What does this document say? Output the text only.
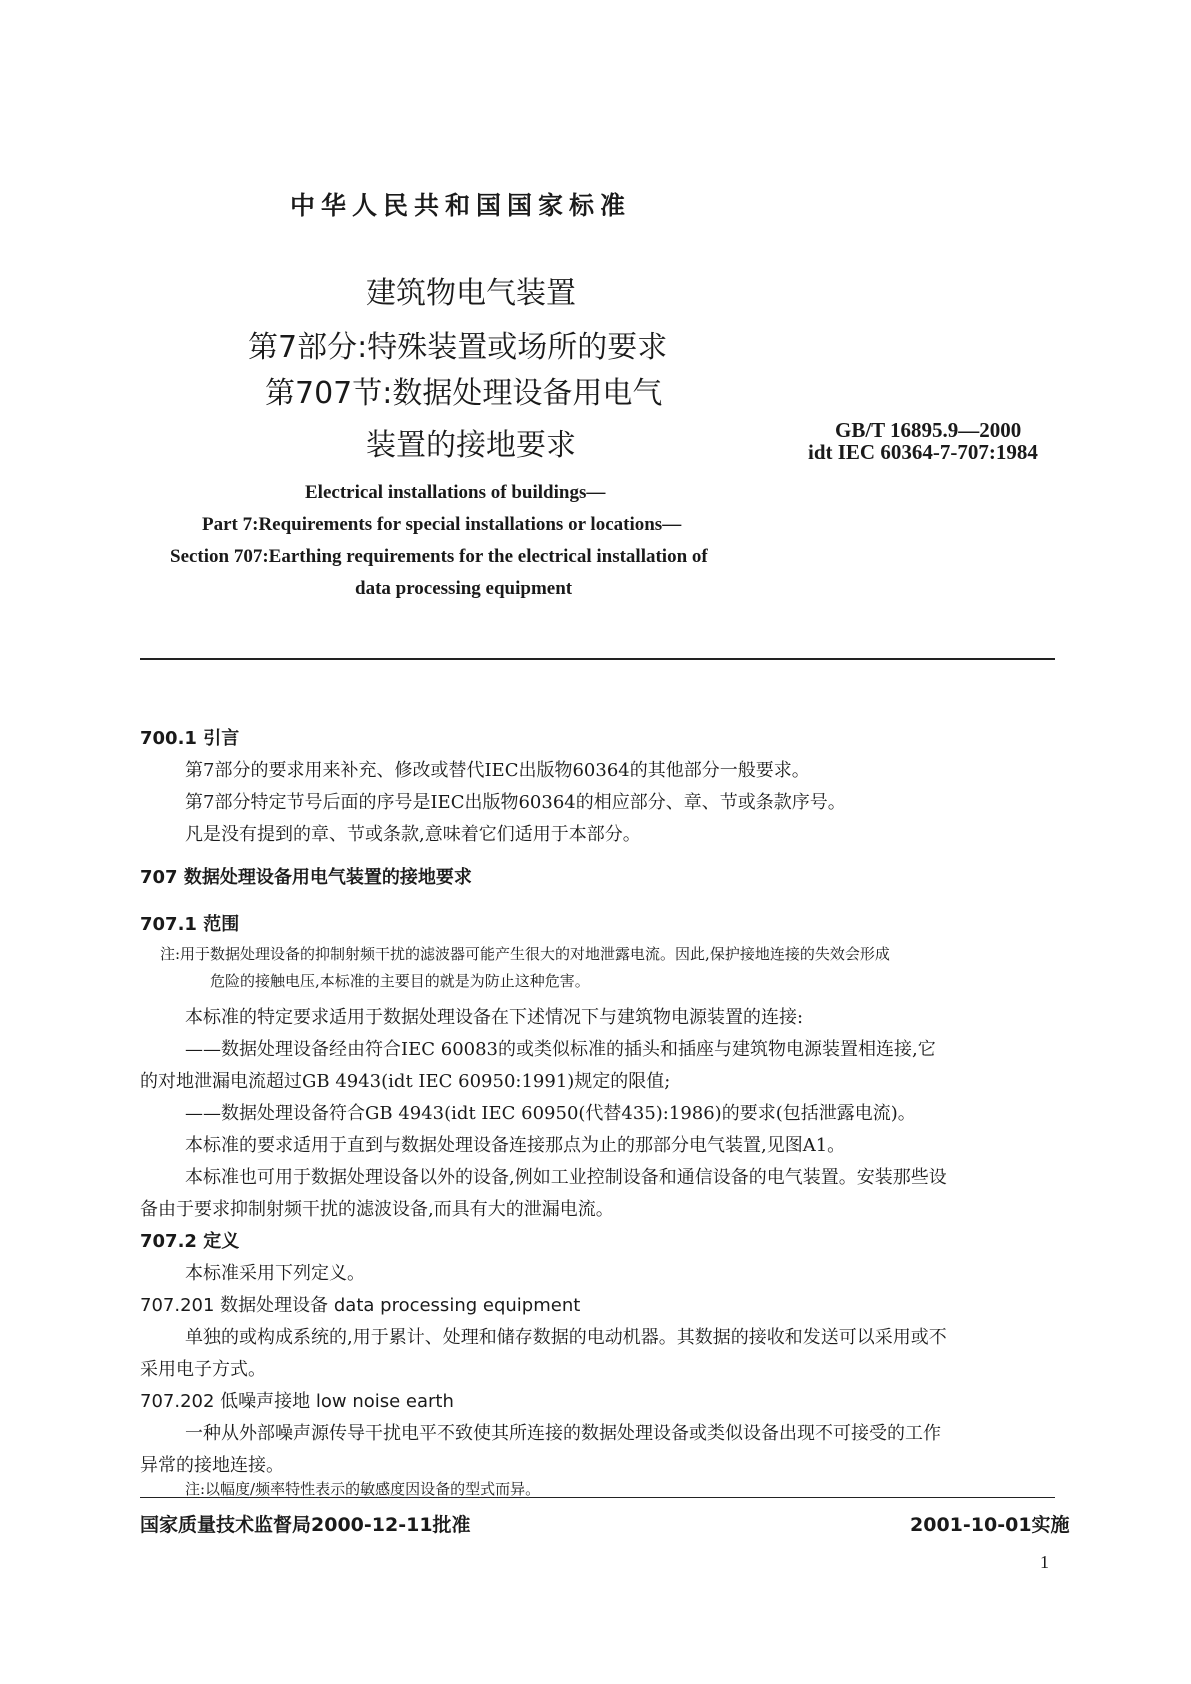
中华人民共和国国家标准
建筑物电气装置
第7部分:特殊装置或场所的要求
第707节:数据处理设备用电气
装置的接地要求	GB/T 16895.9—2000
idt IEC 60364-7-707:1984
Electrical installations of buildings—
Part 7:Requirements for special installations or locations—
Section 707:Earthing requirements for the electrical installation of
data processing equipment
700.1 引言
第7部分的要求用来补充、修改或替代IEC出版物60364的其他部分一般要求。
第7部分特定节号后面的序号是IEC出版物60364的相应部分、章、节或条款序号。
凡是没有提到的章、节或条款,意味着它们适用于本部分。
707 数据处理设备用电气装置的接地要求
707.1 范围
注:用于数据处理设备的抑制射频干扰的滤波器可能产生很大的对地泄露电流。因此,保护接地连接的失效会形成
危险的接触电压,本标准的主要目的就是为防止这种危害。
本标准的特定要求适用于数据处理设备在下述情况下与建筑物电源装置的连接:
——数据处理设备经由符合IEC 60083的或类似标准的插头和插座与建筑物电源装置相连接,它
的对地泄漏电流超过GB 4943(idt IEC 60950:1991)规定的限值;
——数据处理设备符合GB 4943(idt IEC 60950(代替435):1986)的要求(包括泄露电流)。
本标准的要求适用于直到与数据处理设备连接那点为止的那部分电气装置,见图A1。
本标准也可用于数据处理设备以外的设备,例如工业控制设备和通信设备的电气装置。安装那些设
备由于要求抑制射频干扰的滤波设备,而具有大的泄漏电流。
707.2 定义
本标准采用下列定义。
707.201 数据处理设备 data processing equipment
单独的或构成系统的,用于累计、处理和储存数据的电动机器。其数据的接收和发送可以采用或不
采用电子方式。
707.202 低噪声接地 low noise earth
一种从外部噪声源传导干扰电平不致使其所连接的数据处理设备或类似设备出现不可接受的工作
异常的接地连接。
注:以幅度/频率特性表示的敏感度因设备的型式而异。
国家质量技术监督局2000-12-11批准	2001-10-01实施
1
